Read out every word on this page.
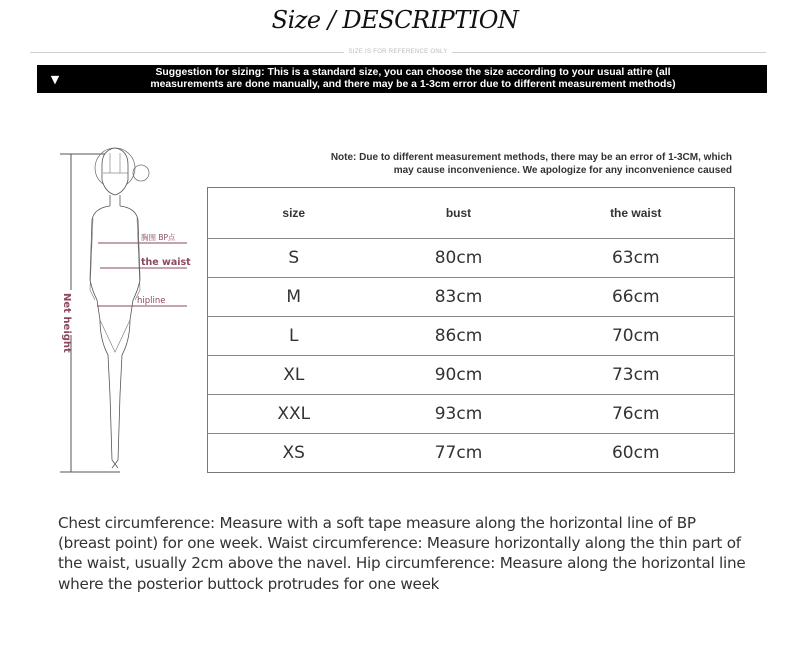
Size / DESCRIPTION
SIZE IS FOR REFERENCE ONLY
▼	Suggestion for sizing: This is a standard size, you can choose the size according to your usual attire (all
measurements are done manually, and there may be a 1-3cm error due to different measurement methods)
Note: Due to different measurement methods, there may be an error of 1-3CM, which
may cause inconvenience. We apologize for any inconvenience caused
胸围 BP点
the waist
hipline
Net height
size	bust	the waist
S	80cm	63cm
M	83cm	66cm
L	86cm	70cm
XL	90cm	73cm
XXL	93cm	76cm
XS	77cm	60cm

Chest circumference: Measure with a soft tape measure along the horizontal line of BP (breast point) for one week. Waist circumference: Measure horizontally along the thin part of the waist, usually 2cm above the navel. Hip circumference: Measure along the horizontal line where the posterior buttock protrudes for one week
